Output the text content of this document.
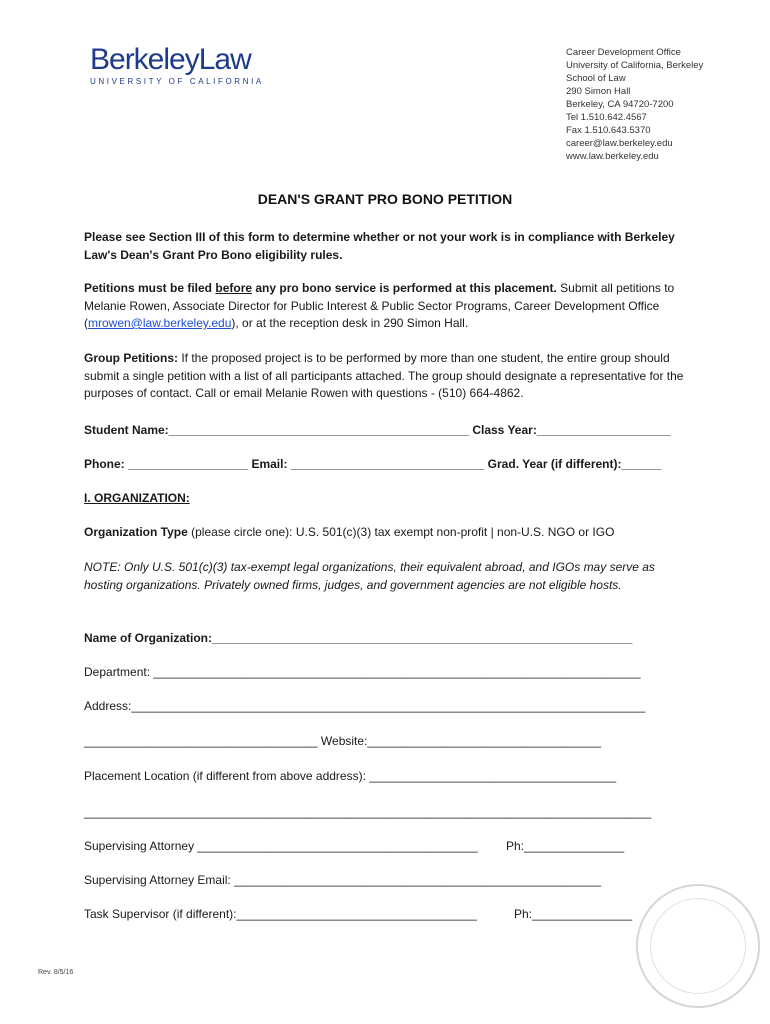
BerkeleyLaw
UNIVERSITY OF CALIFORNIA
Career Development Office
University of California, Berkeley
School of Law
290 Simon Hall
Berkeley, CA 94720-7200
Tel 1.510.642.4567
Fax 1.510.643.5370
career@law.berkeley.edu
www.law.berkeley.edu
DEAN'S GRANT PRO BONO PETITION
Please see Section III of this form to determine whether or not your work is in compliance with Berkeley Law's Dean's Grant Pro Bono eligibility rules.
Petitions must be filed before any pro bono service is performed at this placement. Submit all petitions to Melanie Rowen, Associate Director for Public Interest & Public Sector Programs, Career Development Office (mrowen@law.berkeley.edu), or at the reception desk in 290 Simon Hall.
Group Petitions: If the proposed project is to be performed by more than one student, the entire group should submit a single petition with a list of all participants attached. The group should designate a representative for the purposes of contact. Call or email Melanie Rowen with questions - (510) 664-4862.
Student Name:_____________________________________________ Class Year:____________________
Phone: __________________ Email: _____________________________ Grad. Year (if different):______
I. ORGANIZATION:
Organization Type (please circle one): U.S. 501(c)(3) tax exempt non-profit | non-U.S. NGO or IGO
NOTE: Only U.S. 501(c)(3) tax-exempt legal organizations, their equivalent abroad, and IGOs may serve as hosting organizations. Privately owned firms, judges, and government agencies are not eligible hosts.
Name of Organization:_______________________________________________________________
Department: _________________________________________________________________________
Address:_____________________________________________________________________________
___________________________________ Website:___________________________________
Placement Location (if different from above address): _____________________________________
_____________________________________________________________________________________
Supervising Attorney __________________________________________ Ph:_______________
Supervising Attorney Email: _______________________________________________________
Task Supervisor (if different):____________________________________	Ph:_______________
Rev. 8/5/16
